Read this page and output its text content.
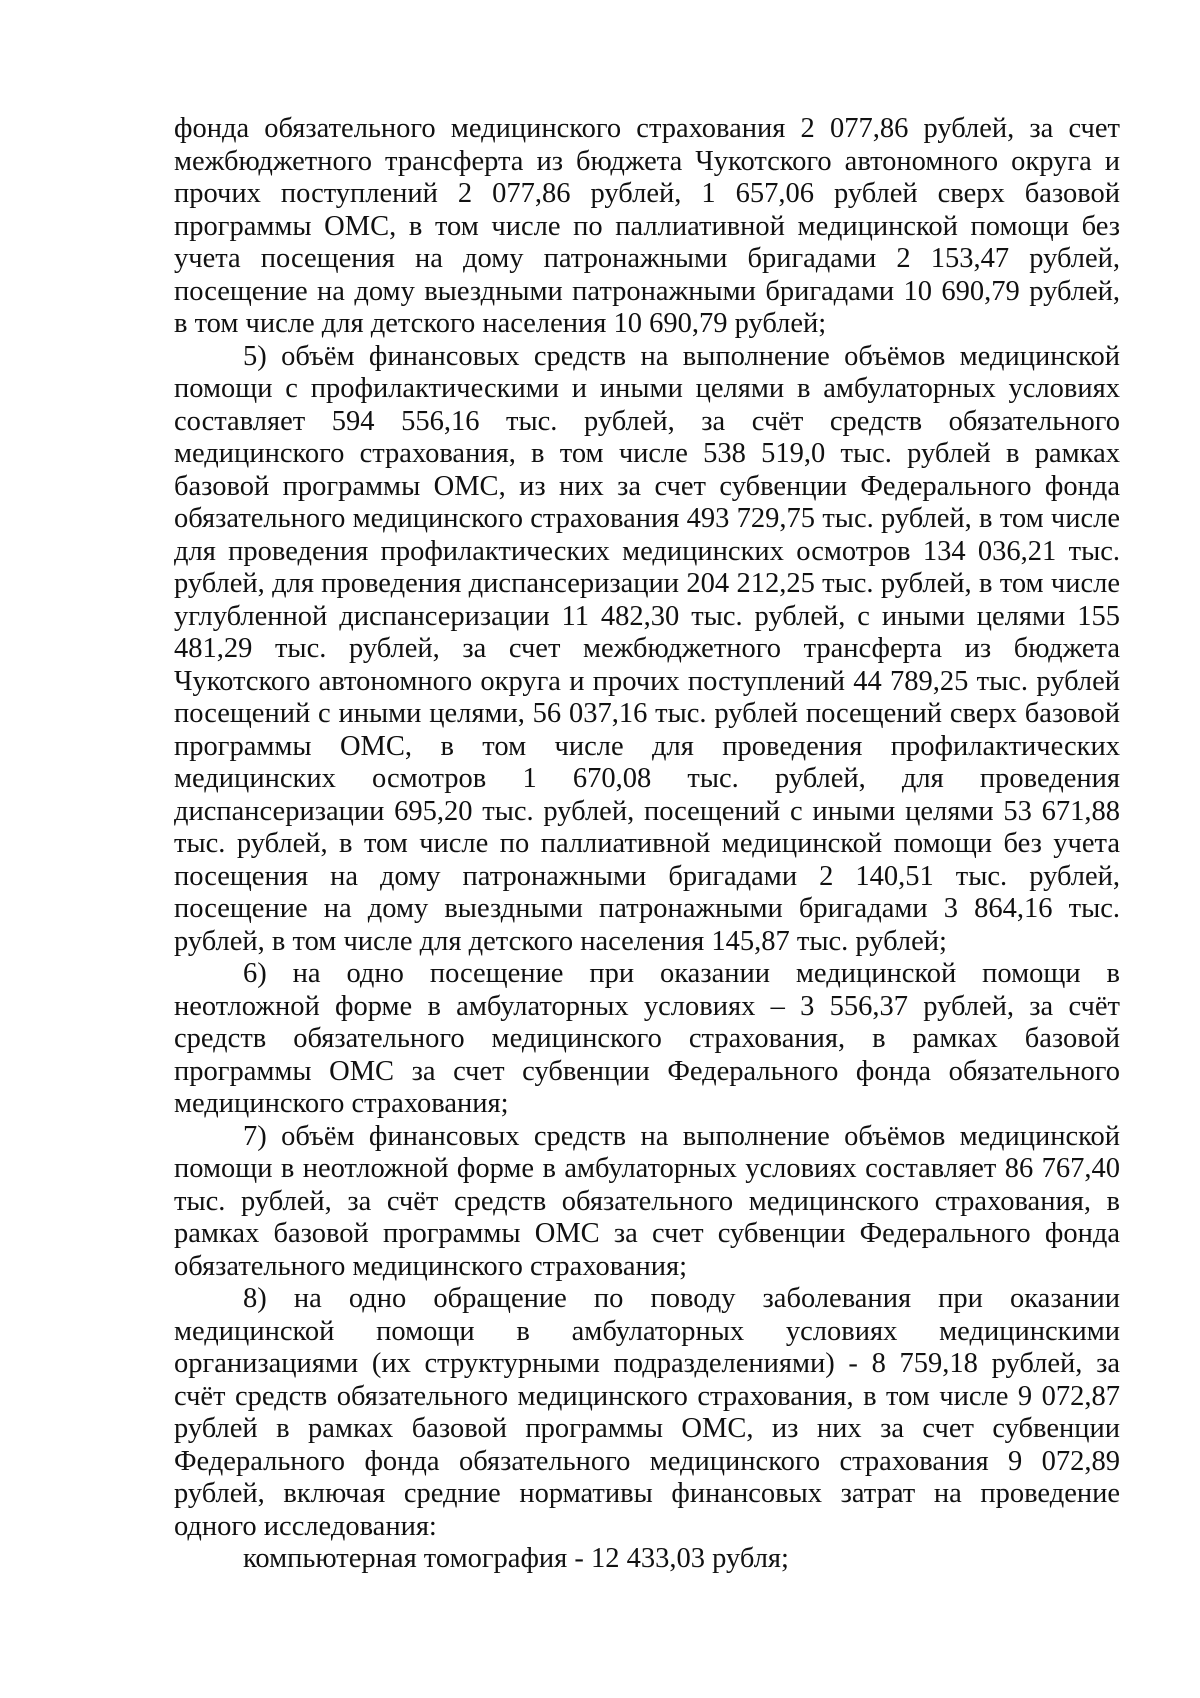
фонда обязательного медицинского страхования 2 077,86 рублей, за счет межбюджетного трансферта из бюджета Чукотского автономного округа и прочих поступлений 2 077,86 рублей, 1 657,06 рублей сверх базовой программы ОМС, в том числе по паллиативной медицинской помощи без учета посещения на дому патронажными бригадами 2 153,47 рублей, посещение на дому выездными патронажными бригадами 10 690,79 рублей, в том числе для детского населения 10 690,79 рублей;

5) объём финансовых средств на выполнение объёмов медицинской помощи с профилактическими и иными целями в амбулаторных условиях составляет 594 556,16 тыс. рублей, за счёт средств обязательного медицинского страхования, в том числе 538 519,0 тыс. рублей в рамках базовой программы ОМС, из них за счет субвенции Федерального фонда обязательного медицинского страхования 493 729,75 тыс. рублей, в том числе для проведения профилактических медицинских осмотров 134 036,21 тыс. рублей, для проведения диспансеризации 204 212,25 тыс. рублей, в том числе углубленной диспансеризации 11 482,30 тыс. рублей, с иными целями 155 481,29 тыс. рублей, за счет межбюджетного трансферта из бюджета Чукотского автономного округа и прочих поступлений 44 789,25 тыс. рублей посещений с иными целями, 56 037,16 тыс. рублей посещений сверх базовой программы ОМС, в том числе для проведения профилактических медицинских осмотров 1 670,08 тыс. рублей, для проведения диспансеризации 695,20 тыс. рублей, посещений с иными целями 53 671,88 тыс. рублей, в том числе по паллиативной медицинской помощи без учета посещения на дому патронажными бригадами 2 140,51 тыс. рублей, посещение на дому выездными патронажными бригадами 3 864,16 тыс. рублей, в том числе для детского населения 145,87 тыс. рублей;

6) на одно посещение при оказании медицинской помощи в неотложной форме в амбулаторных условиях – 3 556,37 рублей, за счёт средств обязательного медицинского страхования, в рамках базовой программы ОМС за счет субвенции Федерального фонда обязательного медицинского страхования;

7) объём финансовых средств на выполнение объёмов медицинской помощи в неотложной форме в амбулаторных условиях составляет 86 767,40 тыс. рублей, за счёт средств обязательного медицинского страхования, в рамках базовой программы ОМС за счет субвенции Федерального фонда обязательного медицинского страхования;

8) на одно обращение по поводу заболевания при оказании медицинской помощи в амбулаторных условиях медицинскими организациями (их структурными подразделениями) - 8 759,18 рублей, за счёт средств обязательного медицинского страхования, в том числе 9 072,87 рублей в рамках базовой программы ОМС, из них за счет субвенции Федерального фонда обязательного медицинского страхования 9 072,89 рублей, включая средние нормативы финансовых затрат на проведение одного исследования:

компьютерная томография - 12 433,03 рубля;
